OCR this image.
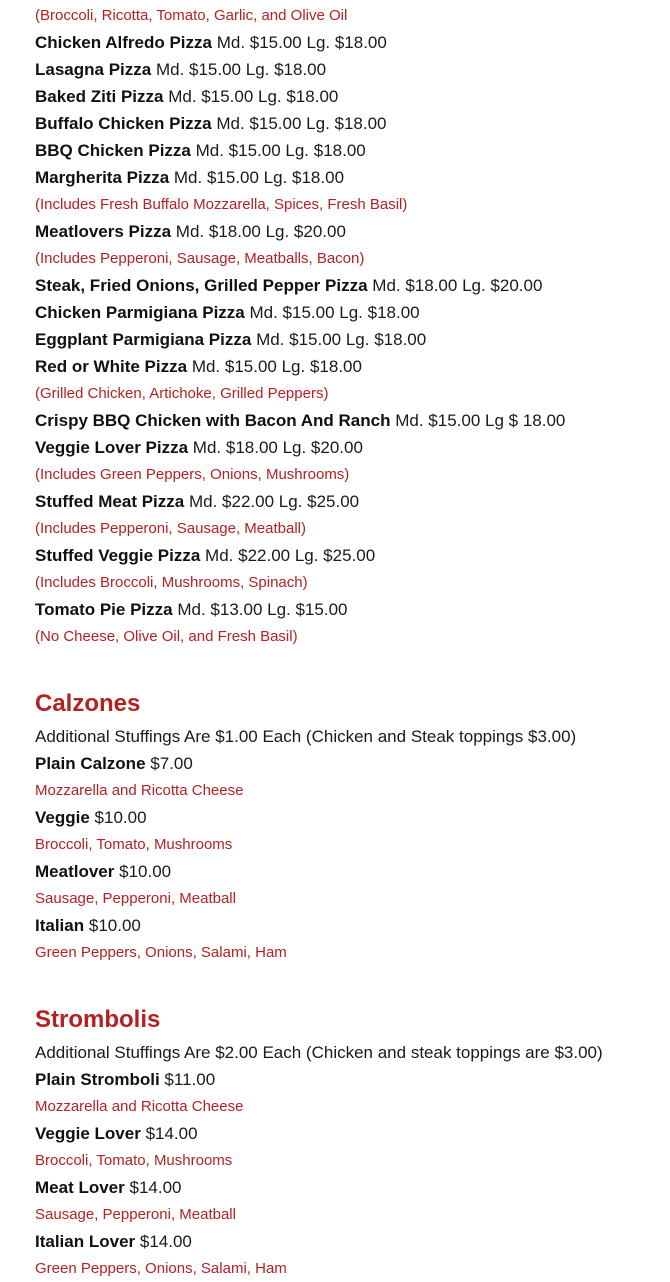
(Broccoli, Ricotta, Tomato, Garlic, and Olive Oil
Chicken Alfredo Pizza Md. $15.00 Lg. $18.00
Lasagna Pizza Md. $15.00 Lg. $18.00
Baked Ziti Pizza Md. $15.00 Lg. $18.00
Buffalo Chicken Pizza Md. $15.00 Lg. $18.00
BBQ Chicken Pizza Md. $15.00 Lg. $18.00
Margherita Pizza Md. $15.00 Lg. $18.00
(Includes Fresh Buffalo Mozzarella, Spices, Fresh Basil)
Meatlovers Pizza Md. $18.00 Lg. $20.00
(Includes Pepperoni, Sausage, Meatballs, Bacon)
Steak, Fried Onions, Grilled Pepper Pizza Md. $18.00 Lg. $20.00
Chicken Parmigiana Pizza Md. $15.00 Lg. $18.00
Eggplant Parmigiana Pizza Md. $15.00 Lg. $18.00
Red or White Pizza Md. $15.00 Lg. $18.00
(Grilled Chicken, Artichoke, Grilled Peppers)
Crispy BBQ Chicken with Bacon And Ranch Md. $15.00 Lg $ 18.00
Veggie Lover Pizza Md. $18.00 Lg. $20.00
(Includes Green Peppers, Onions, Mushrooms)
Stuffed Meat Pizza Md. $22.00 Lg. $25.00
(Includes Pepperoni, Sausage, Meatball)
Stuffed Veggie Pizza Md. $22.00 Lg. $25.00
(Includes Broccoli, Mushrooms, Spinach)
Tomato Pie Pizza Md. $13.00 Lg. $15.00
(No Cheese, Olive Oil, and Fresh Basil)
Calzones
Additional Stuffings Are $1.00 Each (Chicken and Steak toppings $3.00)
Plain Calzone $7.00
Mozzarella and Ricotta Cheese
Veggie $10.00
Broccoli, Tomato, Mushrooms
Meatlover $10.00
Sausage, Pepperoni, Meatball
Italian $10.00
Green Peppers, Onions, Salami, Ham
Strombolis
Additional Stuffings Are $2.00 Each (Chicken and steak toppings are $3.00)
Plain Stromboli $11.00
Mozzarella and Ricotta Cheese
Veggie Lover $14.00
Broccoli, Tomato, Mushrooms
Meat Lover $14.00
Sausage, Pepperoni, Meatball
Italian Lover $14.00
Green Peppers, Onions, Salami, Ham
